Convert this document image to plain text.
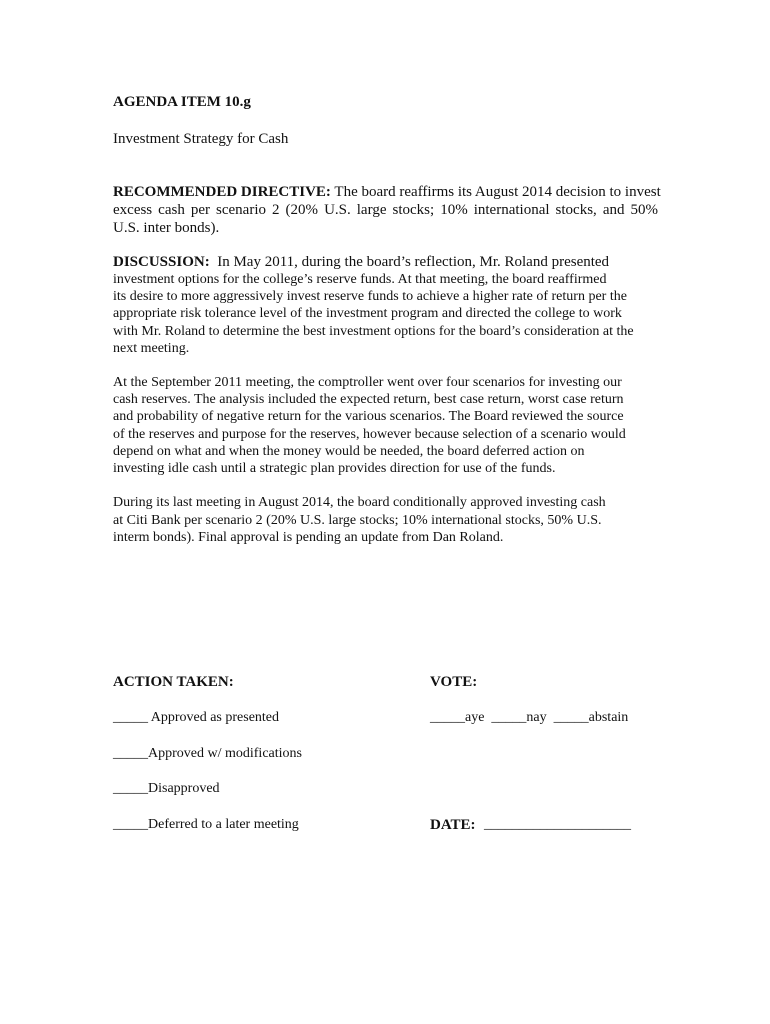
AGENDA ITEM 10.g
Investment Strategy for Cash
RECOMMENDED DIRECTIVE: The board reaffirms its August 2014 decision to invest
excess cash per scenario 2 (20% U.S. large stocks; 10% international stocks, and 50%
U.S. inter bonds).
DISCUSSION: In May 2011, during the board’s reflection, Mr. Roland presented
investment options for the college’s reserve funds. At that meeting, the board reaffirmed
its desire to more aggressively invest reserve funds to achieve a higher rate of return per the
appropriate risk tolerance level of the investment program and directed the college to work
with Mr. Roland to determine the best investment options for the board’s consideration at the
next meeting.
At the September 2011 meeting, the comptroller went over four scenarios for investing our
cash reserves. The analysis included the expected return, best case return, worst case return
and probability of negative return for the various scenarios. The Board reviewed the source
of the reserves and purpose for the reserves, however because selection of a scenario would
depend on what and when the money would be needed, the board deferred action on
investing idle cash until a strategic plan provides direction for use of the funds.
During its last meeting in August 2014, the board conditionally approved investing cash
at Citi Bank per scenario 2 (20% U.S. large stocks; 10% international stocks, 50% U.S.
interm bonds). Final approval is pending an update from Dan Roland.
ACTION TAKEN:
_____ Approved as presented
_____Approved w/ modifications
_____Disapproved
_____Deferred to a later meeting
VOTE:
_____aye  _____nay  _____abstain
DATE: _____________________
